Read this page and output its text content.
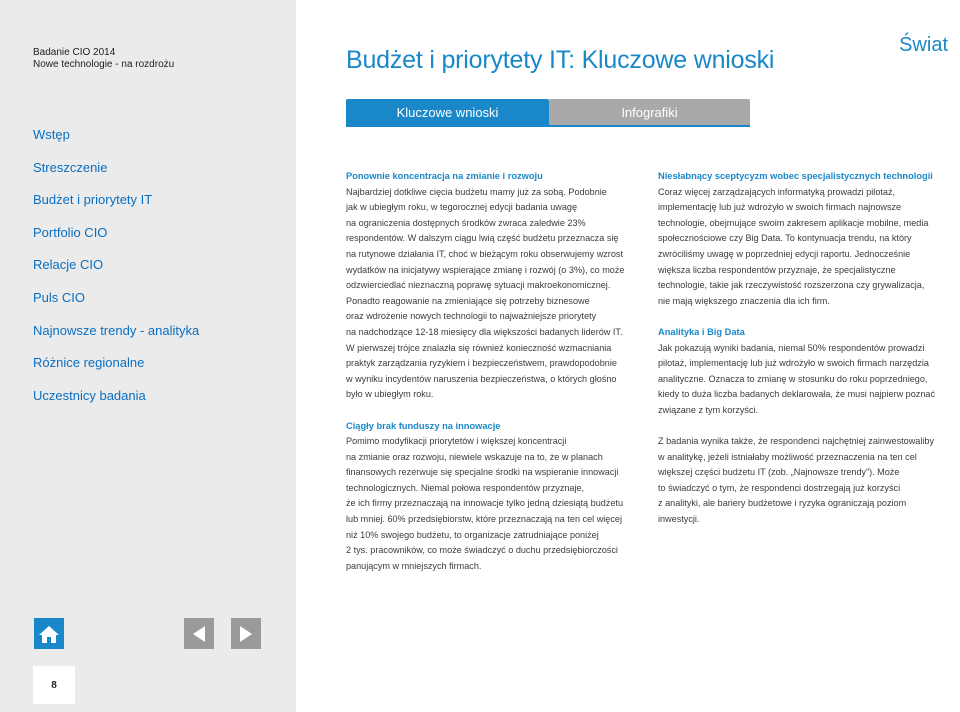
Badanie CIO 2014
Nowe technologie - na rozdrożu
Wstęp
Streszczenie
Budżet i priorytety IT
Portfolio CIO
Relacje CIO
Puls CIO
Najnowsze trendy - analityka
Różnice regionalne
Uczestnicy badania
8
Budżet i priorytety IT: Kluczowe wnioski
Świat
Kluczowe wnioski	Infografiki
Ponownie koncentracja na zmianie i rozwoju

Najbardziej dotkliwe cięcia budżetu mamy już za sobą. Podobnie
jak w ubiegłym roku, w tegorocznej edycji badania uwagę
na ograniczenia dostępnych środków zwraca zaledwie 23%
respondentów. W dalszym ciągu lwią część budżetu przeznacza się
na rutynowe działania IT, choć w bieżącym roku obserwujemy wzrost
wydatków na inicjatywy wspierające zmianę i rozwój (o 3%), co może
odzwierciedlać nieznaczną poprawę sytuacji makroekonomicznej.
Ponadto reagowanie na zmieniające się potrzeby biznesowe
oraz wdrożenie nowych technologii to najważniejsze priorytety
na nadchodzące 12-18 miesięcy dla większości badanych liderów IT.
W pierwszej trójce znalazła się również konieczność wzmacniania
praktyk zarządzania ryzykiem i bezpieczeństwem, prawdopodobnie
w wyniku incydentów naruszenia bezpieczeństwa, o których głośno
było w ubiegłym roku.

Ciągły brak funduszy na innowacje

Pomimo modyfikacji priorytetów i większej koncentracji
na zmianie oraz rozwoju, niewiele wskazuje na to, że w planach
finansowych rezerwuje się specjalne środki na wspieranie innowacji
technologicznych. Niemal połowa respondentów przyznaje,
że ich firmy przeznaczają na innowacje tylko jedną dziesiątą budżetu
lub mniej. 60% przedsiębiorstw, które przeznaczają na ten cel więcej
niż 10% swojego budżetu, to organizacje zatrudniające poniżej
2 tys. pracowników, co może świadczyć o duchu przedsiębiorczości
panującym w mniejszych firmach.

Niesłabnący sceptycyzm wobec specjalistycznych technologii

Coraz więcej zarządzających informatyką prowadzi pilotaż,
implementację lub już wdrożyło w swoich firmach najnowsze
technologie, obejmujące swoim zakresem aplikacje mobilne, media
społecznościowe czy Big Data. To kontynuacja trendu, na który
zwróciliśmy uwagę w poprzedniej edycji raportu. Jednocześnie
większa liczba respondentów przyznaje, że specjalistyczne
technologie, takie jak rzeczywistość rozszerzona czy grywalizacja,
nie mają większego znaczenia dla ich firm.

Analityka i Big Data

Jak pokazują wyniki badania, niemal 50% respondentów prowadzi
pilotaż, implementację lub już wdrożyło w swoich firmach narzędzia
analityczne. Oznacza to zmianę w stosunku do roku poprzedniego,
kiedy to duża liczba badanych deklarowała, że musi najpierw poznać
związane z tym korzyści.

Z badania wynika także, że respondenci najchętniej zainwestowaliby
w analitykę, jeżeli istniałaby możliwość przeznaczenia na ten cel
większej części budżetu IT (zob. „Najnowsze trendy”). Może
to świadczyć o tym, że respondenci dostrzegają już korzyści
z analityki, ale bariery budżetowe i ryzyka ograniczają poziom
inwestycji.
